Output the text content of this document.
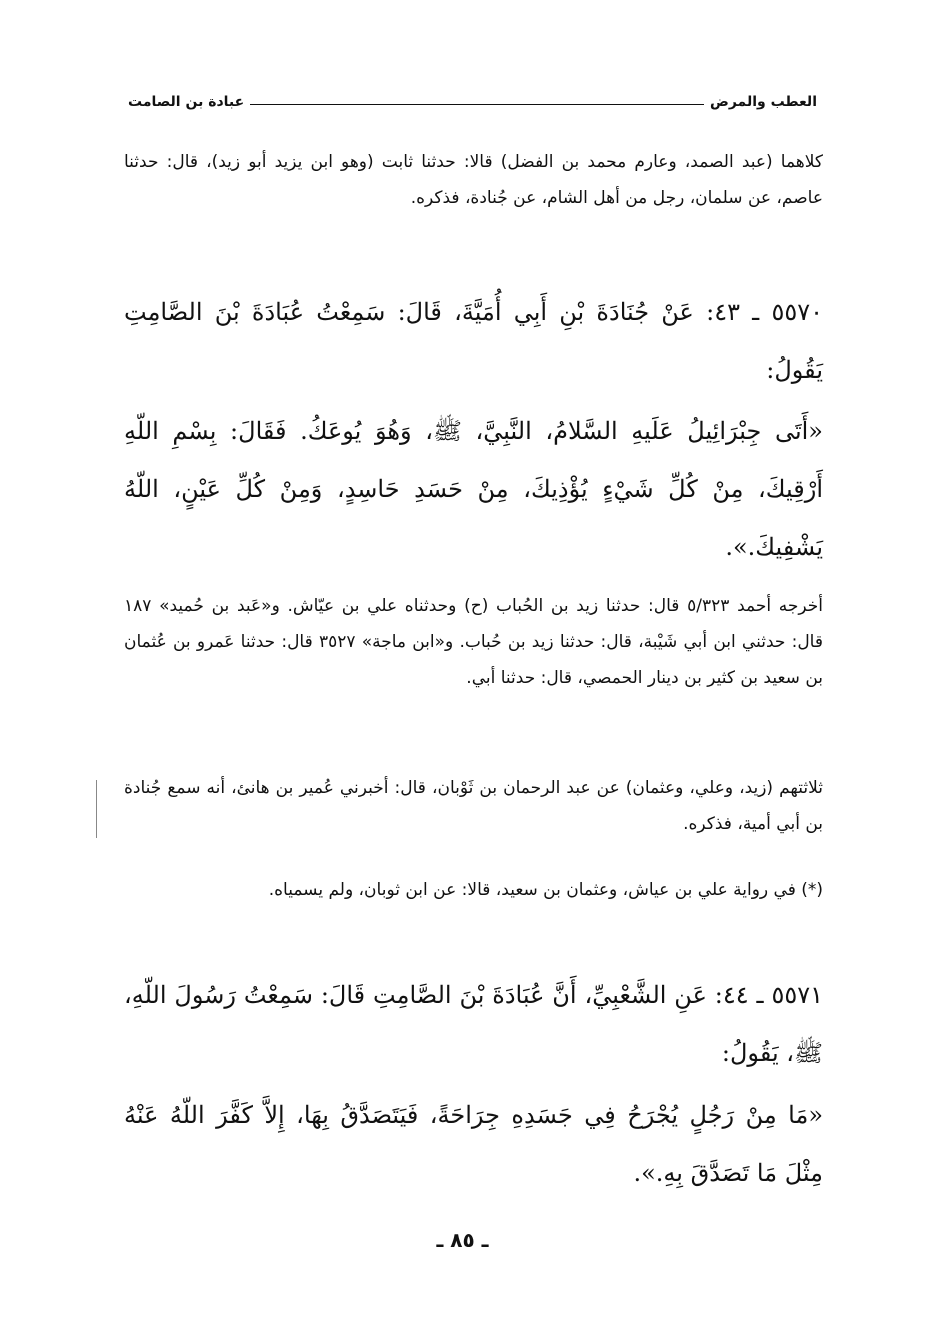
العطب والمرض
عبادة بن الصامت

كلاهما (عبد الصمد، وعارم محمد بن الفضل) قالا: حدثنا ثابت (وهو ابن يزيد أبو زيد)، قال: حدثنا عاصم، عن سلمان، رجل من أهل الشام، عن جُنادة، فذكره.

٥٥٧٠ ـ ٤٣: عَنْ جُنَادَةَ بْنِ أَبِي أُمَيَّةَ، قَالَ: سَمِعْتُ عُبَادَةَ بْنَ الصَّامِتِ يَقُولُ:

«أَتَى جِبْرَائِيلُ عَلَيهِ السَّلامُ، النَّبِيَّ، ﷺ، وَهُوَ يُوعَكُ. فَقَالَ: بِسْمِ اللّهِ أَرْقِيكَ، مِنْ كُلِّ شَيْءٍ يُؤْذِيكَ، مِنْ حَسَدِ حَاسِدٍ، وَمِنْ كُلِّ عَيْنٍ، اللّهُ يَشْفِيكَ.».

أخرجه أحمد ٥/٣٢٣ قال: حدثنا زيد بن الحُباب (ح) وحدثناه علي بن عيّاش. و«عَبد بن حُميد» ١٨٧ قال: حدثني ابن أبي شَيْبة، قال: حدثنا زيد بن حُباب. و«ابن ماجة» ٣٥٢٧ قال: حدثنا عَمرو بن عُثمان بن سعيد بن كثير بن دينار الحمصي، قال: حدثنا أبي.

ثلاثتهم (زيد، وعلي، وعثمان) عن عبد الرحمان بن ثَوْبان، قال: أخبرني عُمير بن هانئ، أنه سمع جُنادة بن أبي أمية، فذكره.

(*) في رواية علي بن عياش، وعثمان بن سعيد، قالا: عن ابن ثوبان، ولم يسمياه.

٥٥٧١ ـ ٤٤: عَنِ الشَّعْبِيِّ، أَنَّ عُبَادَةَ بْنَ الصَّامِتِ قَالَ: سَمِعْتُ رَسُولَ اللّهِ، ﷺ، يَقُولُ:

«مَا مِنْ رَجُلٍ يُجْرَحُ فِي جَسَدِهِ جِرَاحَةً، فَيَتَصَدَّقُ بِهَا، إِلاَّ كَفَّرَ اللّهُ عَنْهُ مِثْلَ مَا تَصَدَّقَ بِهِ.».

ـ ٨٥ ـ
